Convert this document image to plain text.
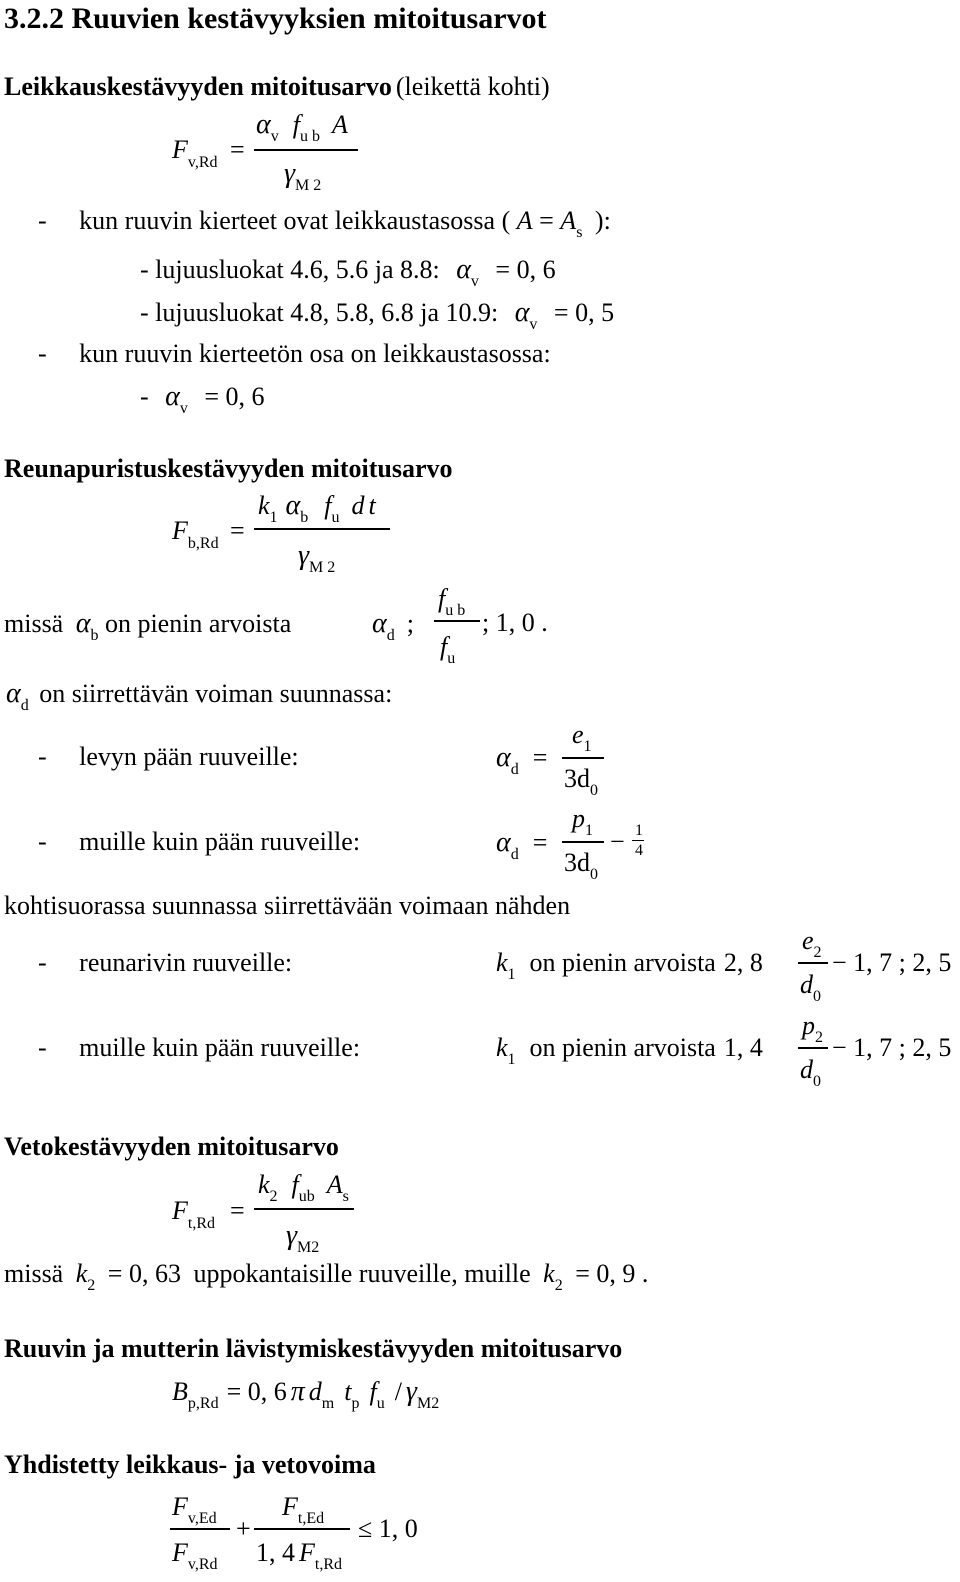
3.2.2 Ruuvien kestävyyksien mitoitusarvot
Leikkauskestävyyden mitoitusarvo (leikettä kohti)
$F_{v,Rd}$ =
αv fu b A
γM 2
- kun ruuvin kierteet ovat leikkaustasossa ( $A = A_s$ ):
- lujuusluokat 4.6, 5.6 ja 8.8: $\alpha_v = 0$, 6
- lujuusluokat 4.8, 5.8, 6.8 ja 10.9: $\alpha_v = 0$, 5
- kun ruuvin kierteetön osa on leikkaustasossa:
- $\alpha_v = 0$, 6
Reunapuristuskestävyyden mitoitusarvo
$F_{b,Rd}$ =
k1 αb fu d t
γM 2
missä $\alpha_b$ on pienin arvoista	αd ;
fu b
fu
; 1, 0 .
$\alpha_d$ on siirrettävän voiman suunnassa:
- levyn pään ruuveille:	αd =
e1
3d0
- muille kuin pään ruuveille:	αd =
p1
3d0
− 1
4
kohtisuorassa suunnassa siirrettävään voimaan nähden
- reunarivin ruuveille:	k1 on pienin arvoista 2, 8
e2
d0
− 1, 7 ; 2, 5
- muille kuin pään ruuveille:	k1 on pienin arvoista 1, 4
p2
d0
− 1, 7 ; 2, 5
Vetokestävyyden mitoitusarvo
$F_{t,Rd}$ =
k2 fub As
γM2
missä $k_2 = 0$, 63 uppokantaisille ruuveille, muille $k_2 = 0$, 9 .
Ruuvin ja mutterin lävistymiskestävyyden mitoitusarvo
Bp,Rd = 0, 6 π dm tp fu / γM2
Yhdistetty leikkaus- ja vetovoima
Fv,Ed
Fv,Rd
+
Ft,Ed
1, 4 Ft,Rd
≤ 1, 0
